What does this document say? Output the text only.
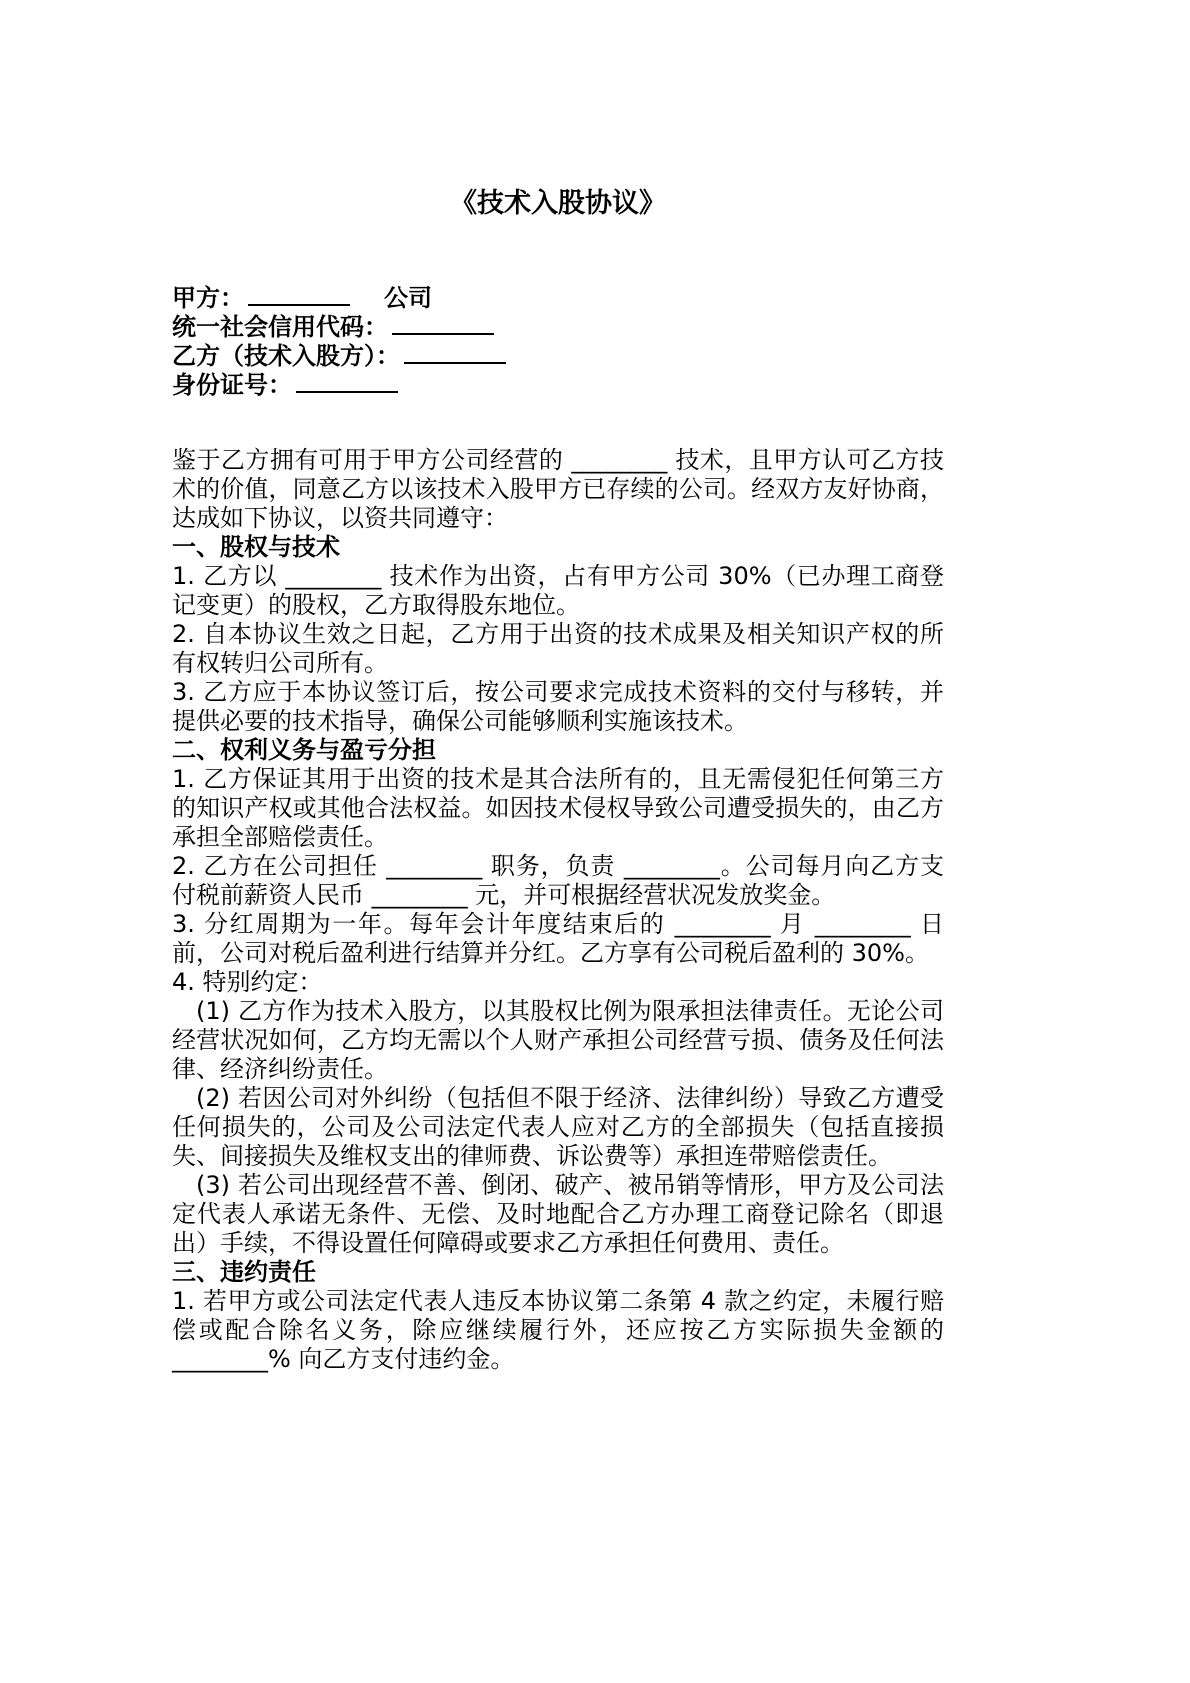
《技术入股协议》
甲方：	公司
统一社会信用代码：
乙方（技术入股方）：
身份证号：

鉴于乙方拥有可用于甲方公司经营的 ________ 技术，且甲方认可乙方技术的价值，同意乙方以该技术入股甲方已存续的公司。经双方友好协商，达成如下协议，以资共同遵守：

一、股权与技术

1. 乙方以 ________ 技术作为出资，占有甲方公司 30%（已办理工商登记变更）的股权，乙方取得股东地位。

2. 自本协议生效之日起，乙方用于出资的技术成果及相关知识产权的所有权转归公司所有。

3. 乙方应于本协议签订后，按公司要求完成技术资料的交付与移转，并提供必要的技术指导，确保公司能够顺利实施该技术。

二、权利义务与盈亏分担

1. 乙方保证其用于出资的技术是其合法所有的，且无需侵犯任何第三方的知识产权或其他合法权益。如因技术侵权导致公司遭受损失的，由乙方承担全部赔偿责任。

2. 乙方在公司担任 ________ 职务，负责 ________。公司每月向乙方支付税前薪资人民币 ________ 元，并可根据经营状况发放奖金。

3. 分红周期为一年。每年会计年度结束后的 ________ 月 ________ 日前，公司对税后盈利进行结算并分红。乙方享有公司税后盈利的 30%。

4. 特别约定：

(1) 乙方作为技术入股方，以其股权比例为限承担法律责任。无论公司经营状况如何，乙方均无需以个人财产承担公司经营亏损、债务及任何法律、经济纠纷责任。

(2) 若因公司对外纠纷（包括但不限于经济、法律纠纷）导致乙方遭受任何损失的，公司及公司法定代表人应对乙方的全部损失（包括直接损失、间接损失及维权支出的律师费、诉讼费等）承担连带赔偿责任。

(3) 若公司出现经营不善、倒闭、破产、被吊销等情形，甲方及公司法定代表人承诺无条件、无偿、及时地配合乙方办理工商登记除名（即退出）手续，不得设置任何障碍或要求乙方承担任何费用、责任。

三、违约责任

1. 若甲方或公司法定代表人违反本协议第二条第 4 款之约定，未履行赔偿或配合除名义务，除应继续履行外，还应按乙方实际损失金额的 ________% 向乙方支付违约金。
